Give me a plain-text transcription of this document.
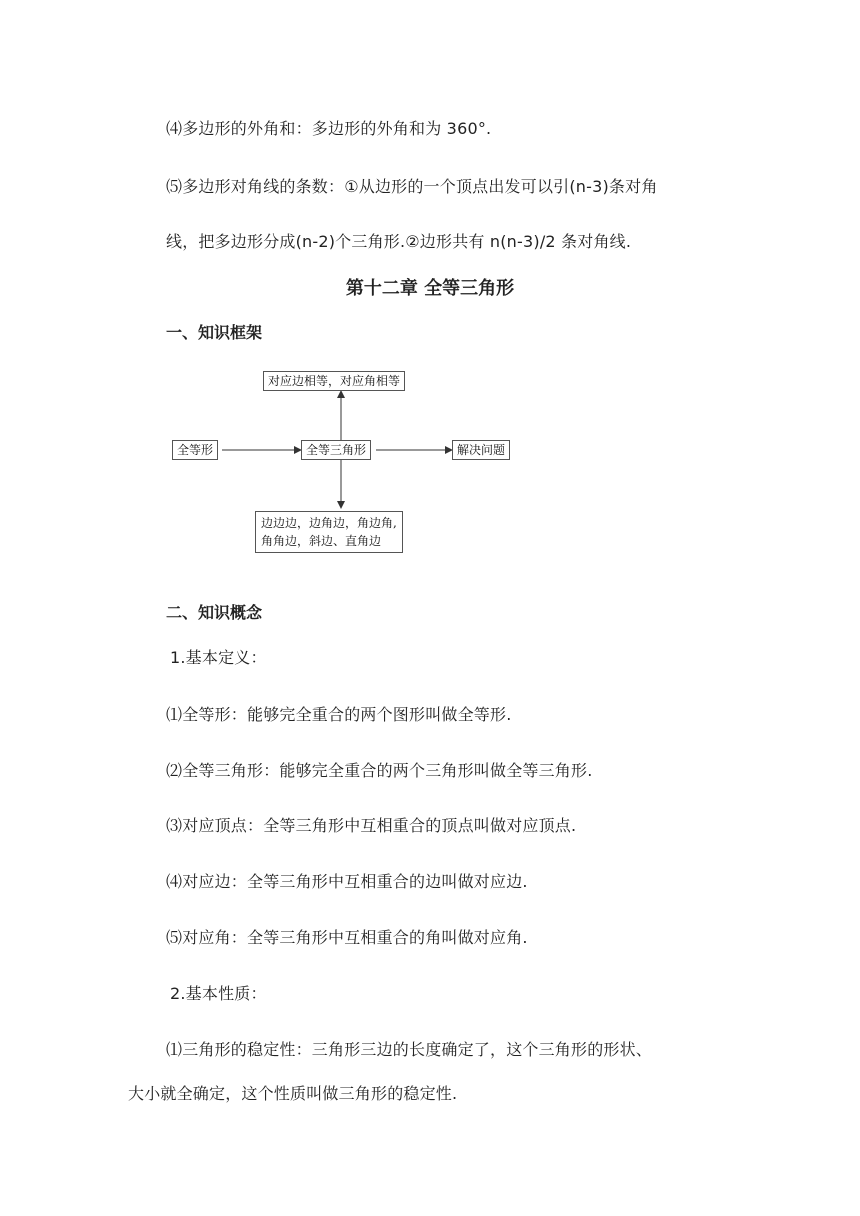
⑷多边形的外角和：多边形的外角和为 360°.
⑸多边形对角线的条数：①从边形的一个顶点出发可以引(n-3)条对角
线，把多边形分成(n-2)个三角形.②边形共有 n(n-3)/2 条对角线.
第十二章 全等三角形
一、知识框架
对应边相等，对应角相等
全等形	全等三角形	解决问题
边边边，边角边，角边角,
角角边，斜边、直角边
二、知识概念
1.基本定义：
⑴全等形：能够完全重合的两个图形叫做全等形.
⑵全等三角形：能够完全重合的两个三角形叫做全等三角形.
⑶对应顶点：全等三角形中互相重合的顶点叫做对应顶点.
⑷对应边：全等三角形中互相重合的边叫做对应边.
⑸对应角：全等三角形中互相重合的角叫做对应角.
2.基本性质：
⑴三角形的稳定性：三角形三边的长度确定了，这个三角形的形状、
大小就全确定，这个性质叫做三角形的稳定性.
